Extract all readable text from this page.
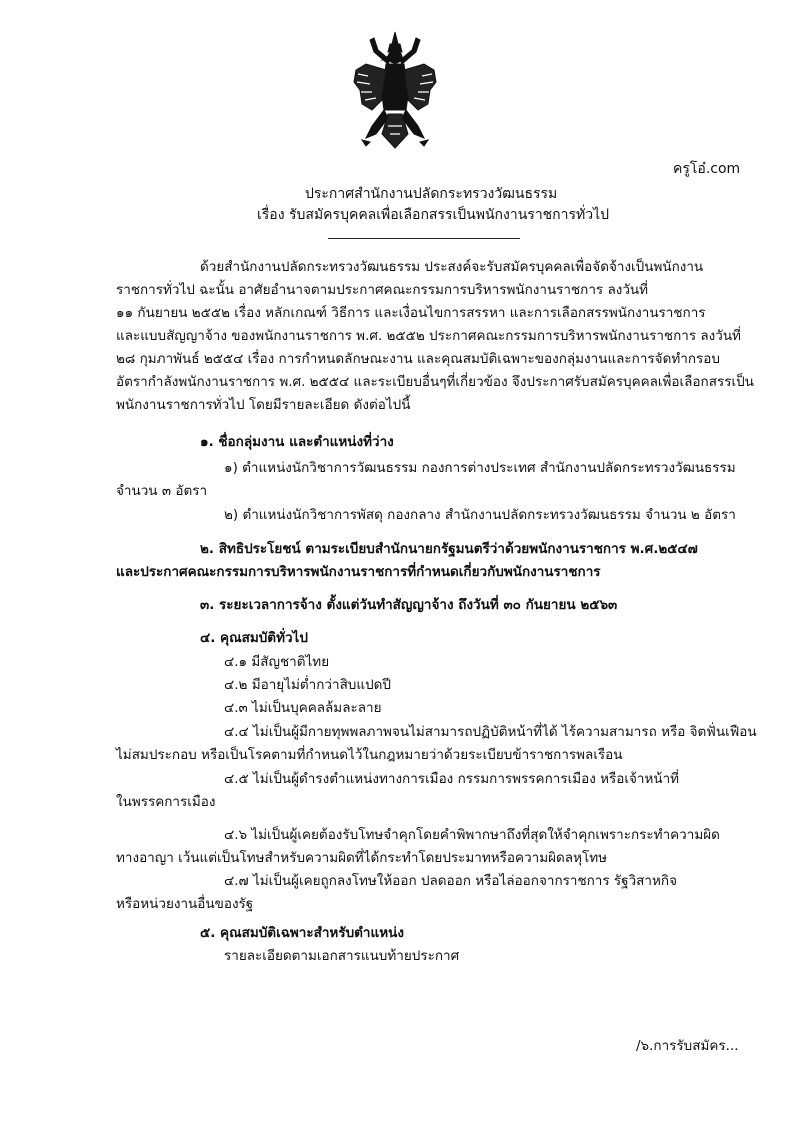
ครูโอ๋.com
ประกาศสำนักงานปลัดกระทรวงวัฒนธรรม
เรื่อง รับสมัครบุคคลเพื่อเลือกสรรเป็นพนักงานราชการทั่วไป
ด้วยสำนักงานปลัดกระทรวงวัฒนธรรม ประสงค์จะรับสมัครบุคคลเพื่อจัดจ้างเป็นพนักงาน
ราชการทั่วไป ฉะนั้น อาศัยอำนาจตามประกาศคณะกรรมการบริหารพนักงานราชการ ลงวันที่
๑๑ กันยายน ๒๕๕๒ เรื่อง หลักเกณฑ์ วิธีการ และเงื่อนไขการสรรหา และการเลือกสรรพนักงานราชการ
และแบบสัญญาจ้าง ของพนักงานราชการ พ.ศ. ๒๕๕๒ ประกาศคณะกรรมการบริหารพนักงานราชการ ลงวันที่
๒๘ กุมภาพันธ์ ๒๕๕๔ เรื่อง การกำหนดลักษณะงาน และคุณสมบัติเฉพาะของกลุ่มงานและการจัดทำกรอบ
อัตรากำลังพนักงานราชการ พ.ศ. ๒๕๕๔ และระเบียบอื่นๆที่เกี่ยวข้อง จึงประกาศรับสมัครบุคคลเพื่อเลือกสรรเป็น
พนักงานราชการทั่วไป โดยมีรายละเอียด ดังต่อไปนี้
๑. ชื่อกลุ่มงาน และตำแหน่งที่ว่าง
๑) ตำแหน่งนักวิชาการวัฒนธรรม กองการต่างประเทศ สำนักงานปลัดกระทรวงวัฒนธรรม
จำนวน ๓ อัตรา
๒) ตำแหน่งนักวิชาการพัสดุ กองกลาง สำนักงานปลัดกระทรวงวัฒนธรรม จำนวน ๒ อัตรา
๒. สิทธิประโยชน์ ตามระเบียบสำนักนายกรัฐมนตรีว่าด้วยพนักงานราชการ พ.ศ.๒๕๔๗
และประกาศคณะกรรมการบริหารพนักงานราชการที่กำหนดเกี่ยวกับพนักงานราชการ
๓. ระยะเวลาการจ้าง ตั้งแต่วันทำสัญญาจ้าง ถึงวันที่ ๓๐ กันยายน ๒๕๖๓
๔. คุณสมบัติทั่วไป
๔.๑ มีสัญชาติไทย
๔.๒ มีอายุไม่ต่ำกว่าสิบแปดปี
๔.๓ ไม่เป็นบุคคลล้มละลาย
๔.๔ ไม่เป็นผู้มีกายทุพพลภาพจนไม่สามารถปฏิบัติหน้าที่ได้ ไร้ความสามารถ หรือ จิตฟั่นเฟือน
ไม่สมประกอบ หรือเป็นโรคตามที่กำหนดไว้ในกฎหมายว่าด้วยระเบียบข้าราชการพลเรือน
๔.๕ ไม่เป็นผู้ดำรงตำแหน่งทางการเมือง กรรมการพรรคการเมือง หรือเจ้าหน้าที่
ในพรรคการเมือง
๔.๖ ไม่เป็นผู้เคยต้องรับโทษจำคุกโดยคำพิพากษาถึงที่สุดให้จำคุกเพราะกระทำความผิด
ทางอาญา เว้นแต่เป็นโทษสำหรับความผิดที่ได้กระทำโดยประมาทหรือความผิดลหุโทษ
๔.๗ ไม่เป็นผู้เคยถูกลงโทษให้ออก ปลดออก หรือไล่ออกจากราชการ รัฐวิสาหกิจ
หรือหน่วยงานอื่นของรัฐ
๕. คุณสมบัติเฉพาะสำหรับตำแหน่ง
รายละเอียดตามเอกสารแนบท้ายประกาศ
/๖.การรับสมัคร...
